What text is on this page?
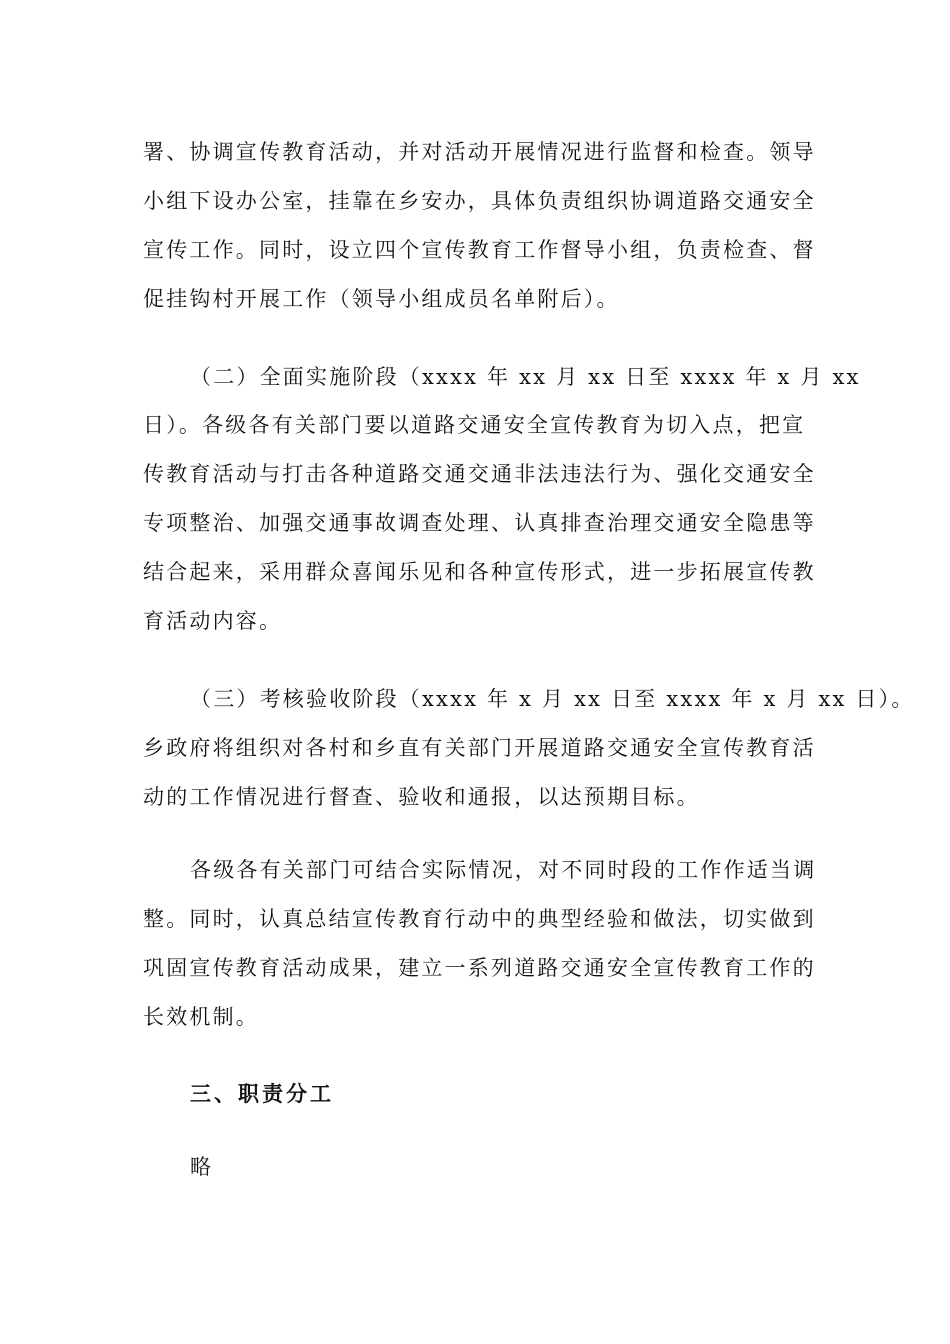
署、协调宣传教育活动，并对活动开展情况进行监督和检查。领导
小组下设办公室，挂靠在乡安办，具体负责组织协调道路交通安全
宣传工作。同时，设立四个宣传教育工作督导小组，负责检查、督
促挂钩村开展工作（领导小组成员名单附后）。
（二）全面实施阶段（xxxx 年 xx 月 xx 日至 xxxx 年 x 月 xx
日）。各级各有关部门要以道路交通安全宣传教育为切入点，把宣
传教育活动与打击各种道路交通交通非法违法行为、强化交通安全
专项整治、加强交通事故调查处理、认真排查治理交通安全隐患等
结合起来，采用群众喜闻乐见和各种宣传形式，进一步拓展宣传教
育活动内容。
（三）考核验收阶段（xxxx 年 x 月 xx 日至 xxxx 年 x 月 xx 日）。
乡政府将组织对各村和乡直有关部门开展道路交通安全宣传教育活
动的工作情况进行督查、验收和通报，以达预期目标。
各级各有关部门可结合实际情况，对不同时段的工作作适当调
整。同时，认真总结宣传教育行动中的典型经验和做法，切实做到
巩固宣传教育活动成果，建立一系列道路交通安全宣传教育工作的
长效机制。
三、职责分工
略
